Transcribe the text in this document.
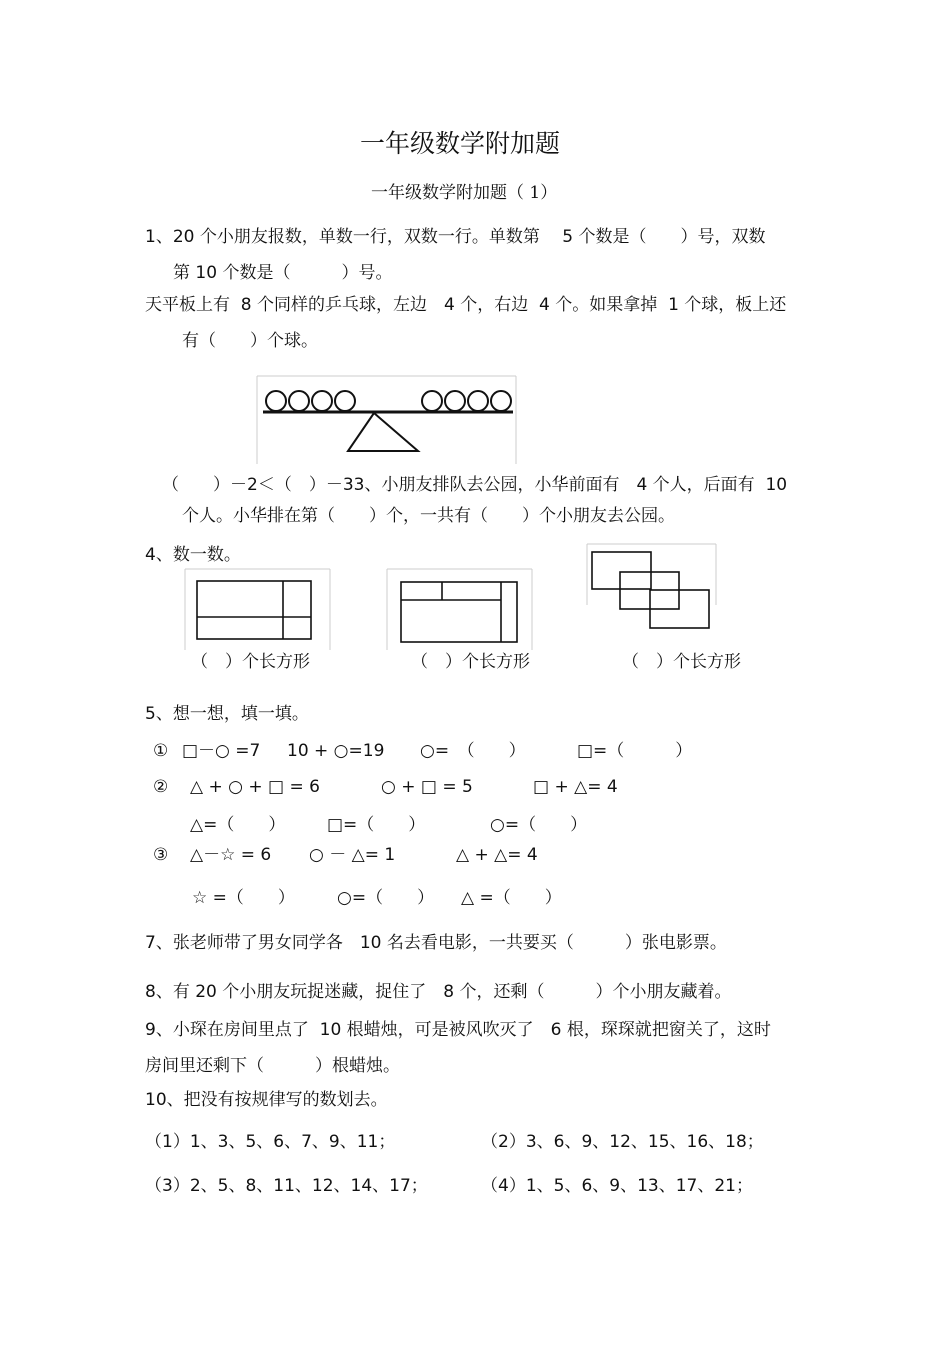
一年级数学附加题
一年级数学附加题（ 1）
1、20 个小朋友报数，单数一行，双数一行。单数第　 5 个数是（　　）号，双数
第 10 个数是（　　　）号。
天平板上有  8 个同样的乒乓球，左边　4 个，右边  4 个。如果拿掉  1 个球，板上还
有（　　）个球。
（　　）－2＜（　）－33、小朋友排队去公园，小华前面有　4 个人，后面有  10
个人。小华排在第（　　）个，一共有（　　）个小朋友去公园。
4、数一数。
（　）个长方形	（　）个长方形	（　）个长方形
5、想一想，填一填。
① □－○ =7 10 + ○=19 ○=　（　　）	□=（　　　）
② △ + ○ + □ = 6	○ + □ = 5	□ + △= 4
△=（　　） □=（　　）	○=（　　）
③ △－☆ = 6 ○ － △= 1	△ + △= 4
☆ =（　　） ○=（　　） △ =（　　）
7、张老师带了男女同学各　10 名去看电影，一共要买（　　　）张电影票。
8、有 20 个小朋友玩捉迷藏，捉住了　8 个，还剩（　　　）个小朋友藏着。
9、小琛在房间里点了  10 根蜡烛，可是被风吹灭了　6 根，琛琛就把窗关了，这时
房间里还剩下（　　　）根蜡烛。
10、把没有按规律写的数划去。
（1）1、3、5、6、7、9、11；	（2）3、6、9、12、15、16、18；
（3）2、5、8、11、12、14、17；	（4）1、5、6、9、13、17、21；
